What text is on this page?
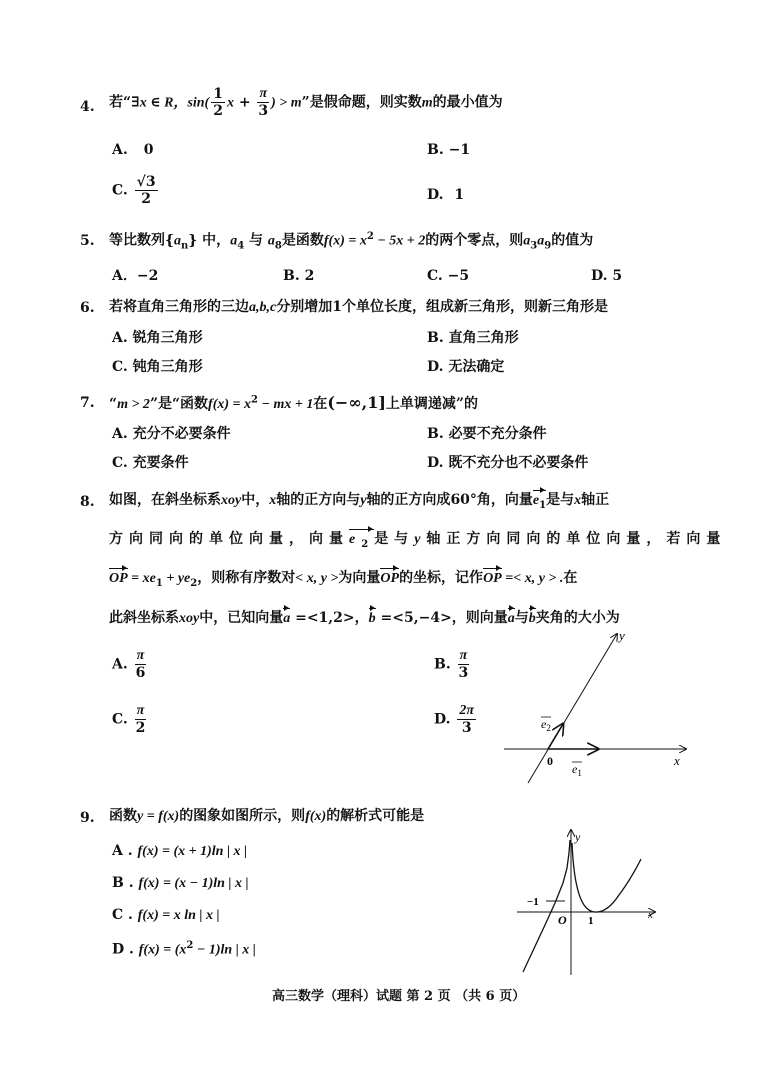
4. 若“∃x ∈ R，$\sin( \frac{1}{2}$ $x + \frac{\pi}{3}$ ) > m”是假命题，则实数m的最小值为
A. 0	B. −1
C. $\frac{√3}{2}$	D. 1
5. 等比数列$\{a_n\}$ 中，$a_4$ 与 $a_8$是函数$f(x) = x^2 - 5x + 2$的两个零点，则$a_3a_9$的值为
A．−2	B. 2	C. −5	D. 5
6. 若将直角三角形的三边a,b,c分别增加1个单位长度，组成新三角形，则新三角形是
A. 锐角三角形	B. 直角三角形
C. 钝角三角形	D. 无法确定
7. “m > 2”是“函数$f(x) = x^2$ − mx + 1在(−∞,1]上单调递减”的
A. 充分不必要条件	B. 必要不充分条件
C. 充要条件	D. 既不充分也不必要条件
8. 如图，在斜坐标系xoy中，x轴的正方向与y轴的正方向成60°角，向量$e_1$是与x轴正
方向同向的单位向量，向量$e_2$是与y轴正方向同向的单位向量，若向量
OP = $xe_1 + ye_2$，则称有序数对< x, y >为向量OP的坐标，记作OP =< x, y > .在
此斜坐标系xoy中，已知向量a =<1,2>，b =<5,−4>，则向量a与b夹角的大小为
A. $\frac{\pi}{6}$	B. $\frac{\pi}{3}$
C. $\frac{\pi}{2}$	D. $\frac{2\pi}{3}$
y
x
0
$e_1$
$e_2$
9. 函数y = f(x)的图象如图所示，则f(x)的解析式可能是
A . f(x) = (x + 1)ln | x |
B . f(x) = (x − 1)ln | x |
C . f(x) = x ln | x |
D . $f(x) = (x^2 - 1)\ln$ | x |
y
x
O
−1
1
高三数学（理科）试题 第 2 页 （共 6 页）
